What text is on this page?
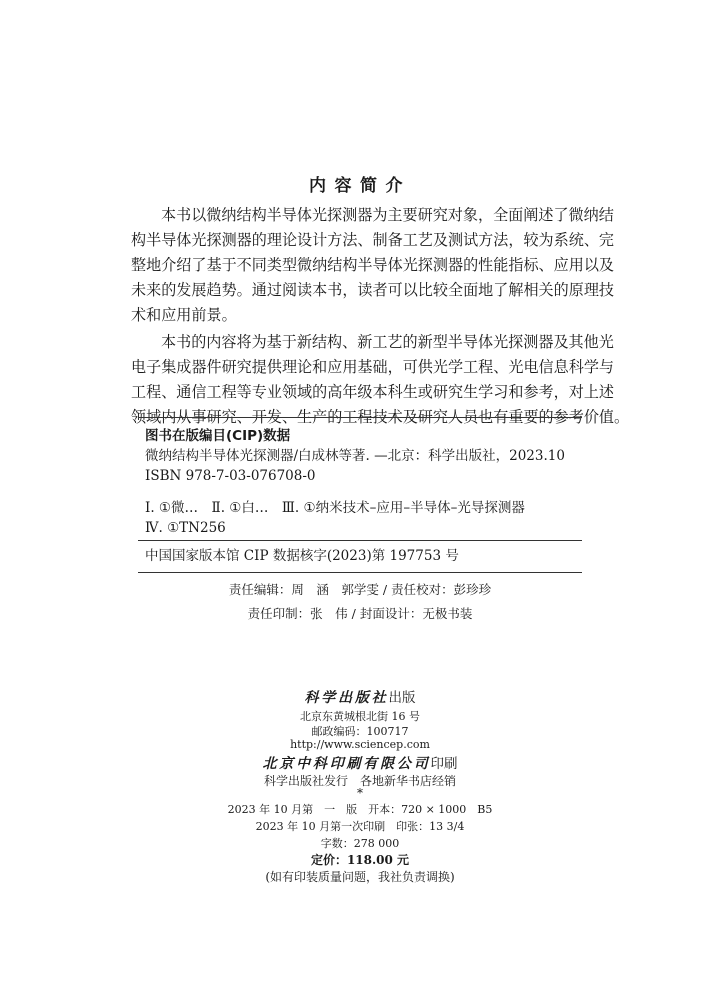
内容简介
本书以微纳结构半导体光探测器为主要研究对象，全面阐述了微纳结
构半导体光探测器的理论设计方法、制备工艺及测试方法，较为系统、完
整地介绍了基于不同类型微纳结构半导体光探测器的性能指标、应用以及
未来的发展趋势。通过阅读本书，读者可以比较全面地了解相关的原理技
术和应用前景。
本书的内容将为基于新结构、新工艺的新型半导体光探测器及其他光
电子集成器件研究提供理论和应用基础，可供光学工程、光电信息科学与
工程、通信工程等专业领域的高年级本科生或研究生学习和参考，对上述
领域内从事研究、开发、生产的工程技术及研究人员也有重要的参考价值。
图书在版编目(CIP)数据
微纳结构半导体光探测器/白成林等著. —北京：科学出版社，2023.10
ISBN 978-7-03-076708-0
Ⅰ. ①微…　Ⅱ. ①白…　Ⅲ. ①纳米技术–应用–半导体–光导探测器
Ⅳ. ①TN256
中国国家版本馆 CIP 数据核字(2023)第 197753 号
责任编辑：周　涵　郭学雯 / 责任校对：彭珍珍
责任印制：张　伟 / 封面设计：无极书装
科学出版社出版
北京东黄城根北街 16 号
邮政编码：100717
http://www.sciencep.com
北京中科印刷有限公司印刷
科学出版社发行　各地新华书店经销
*
2023 年 10 月第　一　版　开本：720 × 1000　B5
2023 年 10 月第一次印刷　印张：13 3/4
字数：278 000
定价：118.00 元
(如有印装质量问题，我社负责调换)
